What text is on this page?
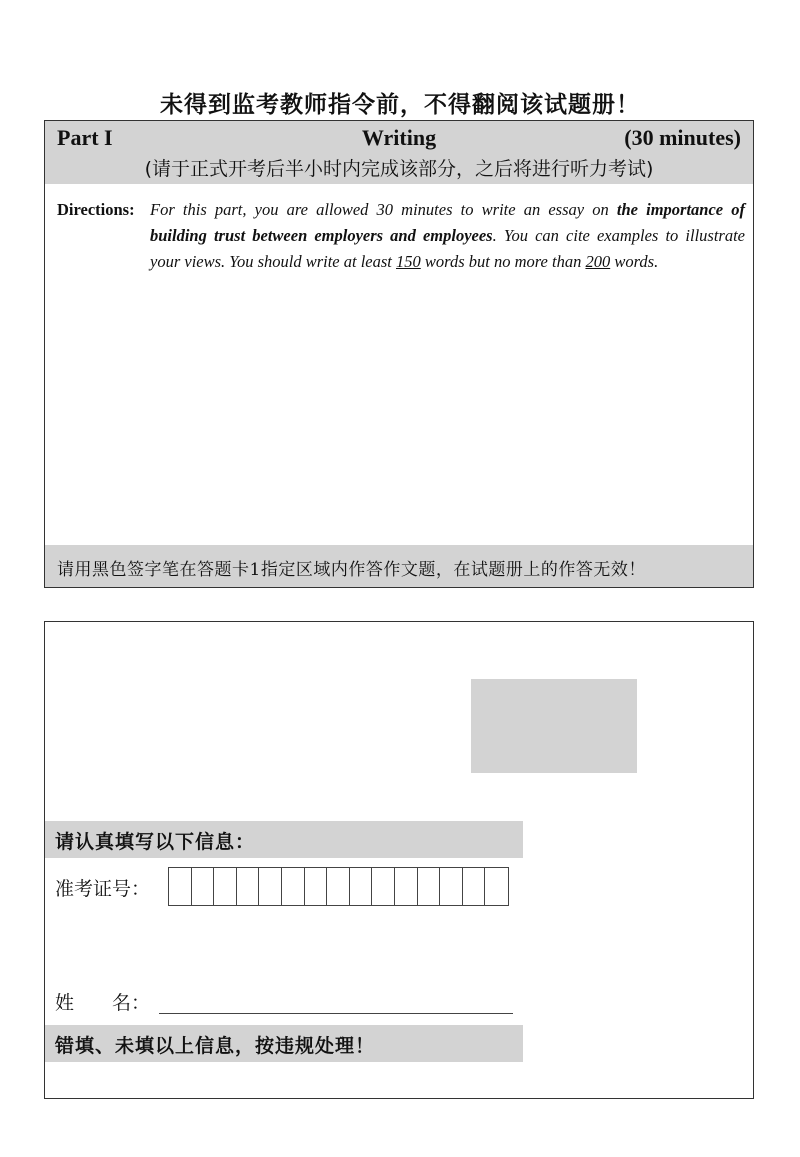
未得到监考教师指令前，不得翻阅该试题册！
Writing
Part I	(30 minutes)
(请于正式开考后半小时内完成该部分，之后将进行听力考试)
Directions: For this part, you are allowed 30 minutes to write an essay on the importance of building trust between employers and employees. You can cite examples to illustrate your views. You should write at least 150 words but no more than 200 words.
请用黑色签字笔在答题卡1指定区域内作答作文题，在试题册上的作答无效！
请认真填写以下信息：
准考证号：
姓　　名：
错填、未填以上信息，按违规处理！
